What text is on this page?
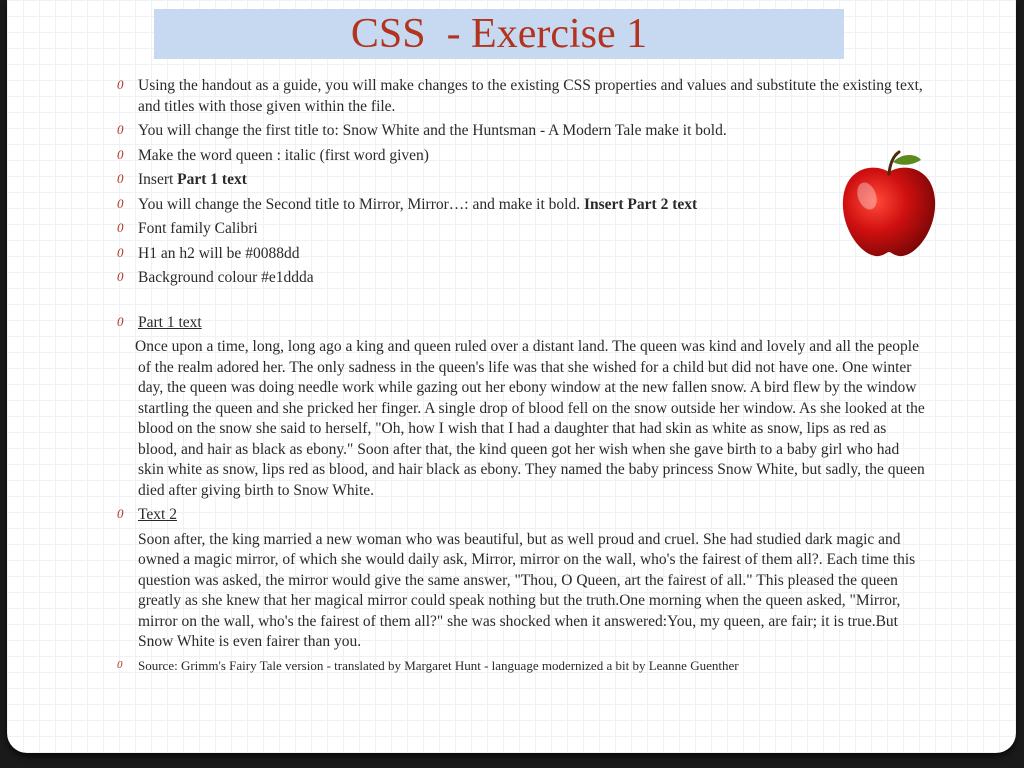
CSS  - Exercise 1
0 Using the handout as a guide, you will make changes to the existing CSS properties and values and substitute the existing text, and titles with those given within the file.
0 You will change the first title to: Snow White and the Huntsman - A Modern Tale make it bold.
0 Make the word queen : italic (first word given)
0 Insert Part 1 text
0 You will change the Second title to Mirror, Mirror…: and make it bold. Insert Part 2 text
0 Font family Calibri
0 H1 an h2 will be #0088dd
0 Background colour #e1ddda
0 Part 1 text

Once upon a time, long, long ago a king and queen ruled over a distant land. The queen was kind and lovely and all the people of the realm adored her. The only sadness in the queen's life was that she wished for a child but did not have one. One winter day, the queen was doing needle work while gazing out her ebony window at the new fallen snow. A bird flew by the window startling the queen and she pricked her finger. A single drop of blood fell on the snow outside her window. As she looked at the blood on the snow she said to herself, "Oh, how I wish that I had a daughter that had skin as white as snow, lips as red as blood, and hair as black as ebony." Soon after that, the kind queen got her wish when she gave birth to a baby girl who had skin white as snow, lips red as blood, and hair black as ebony. They named the baby princess Snow White, but sadly, the queen died after giving birth to Snow White.

0 Text 2

Soon after, the king married a new woman who was beautiful, but as well proud and cruel. She had studied dark magic and owned a magic mirror, of which she would daily ask, Mirror, mirror on the wall, who's the fairest of them all?. Each time this question was asked, the mirror would give the same answer, "Thou, O Queen, art the fairest of all." This pleased the queen greatly as she knew that her magical mirror could speak nothing but the truth.One morning when the queen asked, "Mirror, mirror on the wall, who's the fairest of them all?" she was shocked when it answered:You, my queen, are fair; it is true.But Snow White is even fairer than you.

0 Source: Grimm's Fairy Tale version - translated by Margaret Hunt - language modernized a bit by Leanne Guenther
